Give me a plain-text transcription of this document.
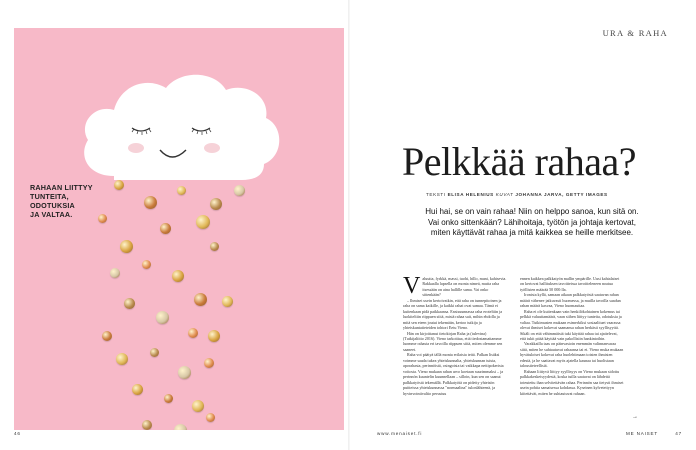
RAHAAN LIITTYY
TUNTEITA,
ODOTUKSIA
JA VALTAA.
46
URA & RAHA
Pelkkää rahaa?
TEKSTI ELISA HELENIUS KUVAT JOHANNA JARVA, GETTY IMAGES
Hui hai, se on vain rahaa! Niin on helppo sanoa, kun sitä on. Vai onko sittenkään? Lähihoitaja, työtön ja johtaja kertovat, miten käyttävät rahaa ja mitä kaikkea se heille merkitsee.
V aluutta, fyrkkä, massi, tuohi, hillo, mani, kahisevia. Rakkaalla lapsella on monta nimeä, mutta raha itsessään on aina hallille sama. Vai onko sittenkään?

– Ihmiset usein kertoivatkin, että raha on tunnepitoinen ja raha on sama kaikille, ja kaikki rahat ovat samaa. Tämä ei kuitenkaan pidä paikkaansa. Ensisuunnassa raha eroteltiin ja luokiteltiin riippuen siitä, mistä rahaa sait, mihin ehdolla ja mitä sen eteen joutui tekemään, kertoo tutkija ja yhteiskuntatieteiden tohtori Eetu Vieno.

Hän on kirjoittanut tietokirjan Raha ja (tulevina) (Tutkijaliitto 2016). Vieno tarkoittaa, että tiedostamattamme luomme rahasta eri tavoilla riippuen siitä, miten olemme sen saaneet.

Raha voi päätyä tällä monia erilaisia teitä. Palkan lisäksi voimme saada tukea yhteiskunnalta, yhteiskunnan tuista, aporahasta, perinnöistä, osingoista tai vaikkapa nettipokerista voitosta. Vieno mukaan rahan arvo koetaan suurimmaksi – ja perinnön kuuntelin kuunnellaan – silloin, kun sen on saanut palkkatyöstä tekemällä. Palkkatyötä on pidetty yhteisön puitteissa yhteiskunnassa "normaalina" tulonlähteenä, ja hyvinvointivaltio perustuu

ennen kaikkea palkkatyön mallin ympärille. Uusi kahtalaiset on kertovat hallituksen tavoitteissa tavoitteleneen noatua työllisten määrää 50 000:lla.

Ironista kyllä, samaan aikaan palkkatyöstä saatavan rahan määrä vähenee jatkuvasti huomessa, ja muilla tavoilla saadun rahan määrä kasvaa, Vieno huomauttaa.

Raha ei ole kuitenkaan vain henkilökohtainen kokemus tai pelkkä valuuttamäärä, vaan siihen liittyy tunteita, odotuksia ja valtaa. Tutkimusten mukaan esimerkiksi sosiaalituet vaarassa olevat ihmiset kokevat saamansa rahan herkästi syyllisyyttä. Sikäli on että vähimmäistä tuki käyttää rahaa tai ajattelevat, että tukit pitää käyttää vain pakollisiin hankintoihin.

Varakkailla taas on päinvastoin enemmän valinnanvaraa siitä, miten he suhtautuvat rahaansa tai ei. Vieno muka mukaan hyvätuloiset kokevat raha huolehtimaan toisten ihmisten edestä, ja he saattavat myös ajatella kaunaa tai huolistaan taloustieteellisiä.

Rahaan liittyvä liittyy syyllisyys on Vieno mukaan sidottu palkkakeskeisyydestä, koska tuilla saatavat on lähdettä toteutettu ihan selvitettävän rahaa. Perinnön saa tietysti ihmiset usein pohtia samaisessa kohdassa. Kyseinen kylvetettyyn kiitettävät, miten he suhtautuvat rahaan.

→
www.menaiset.fi	ME NAISET	47
